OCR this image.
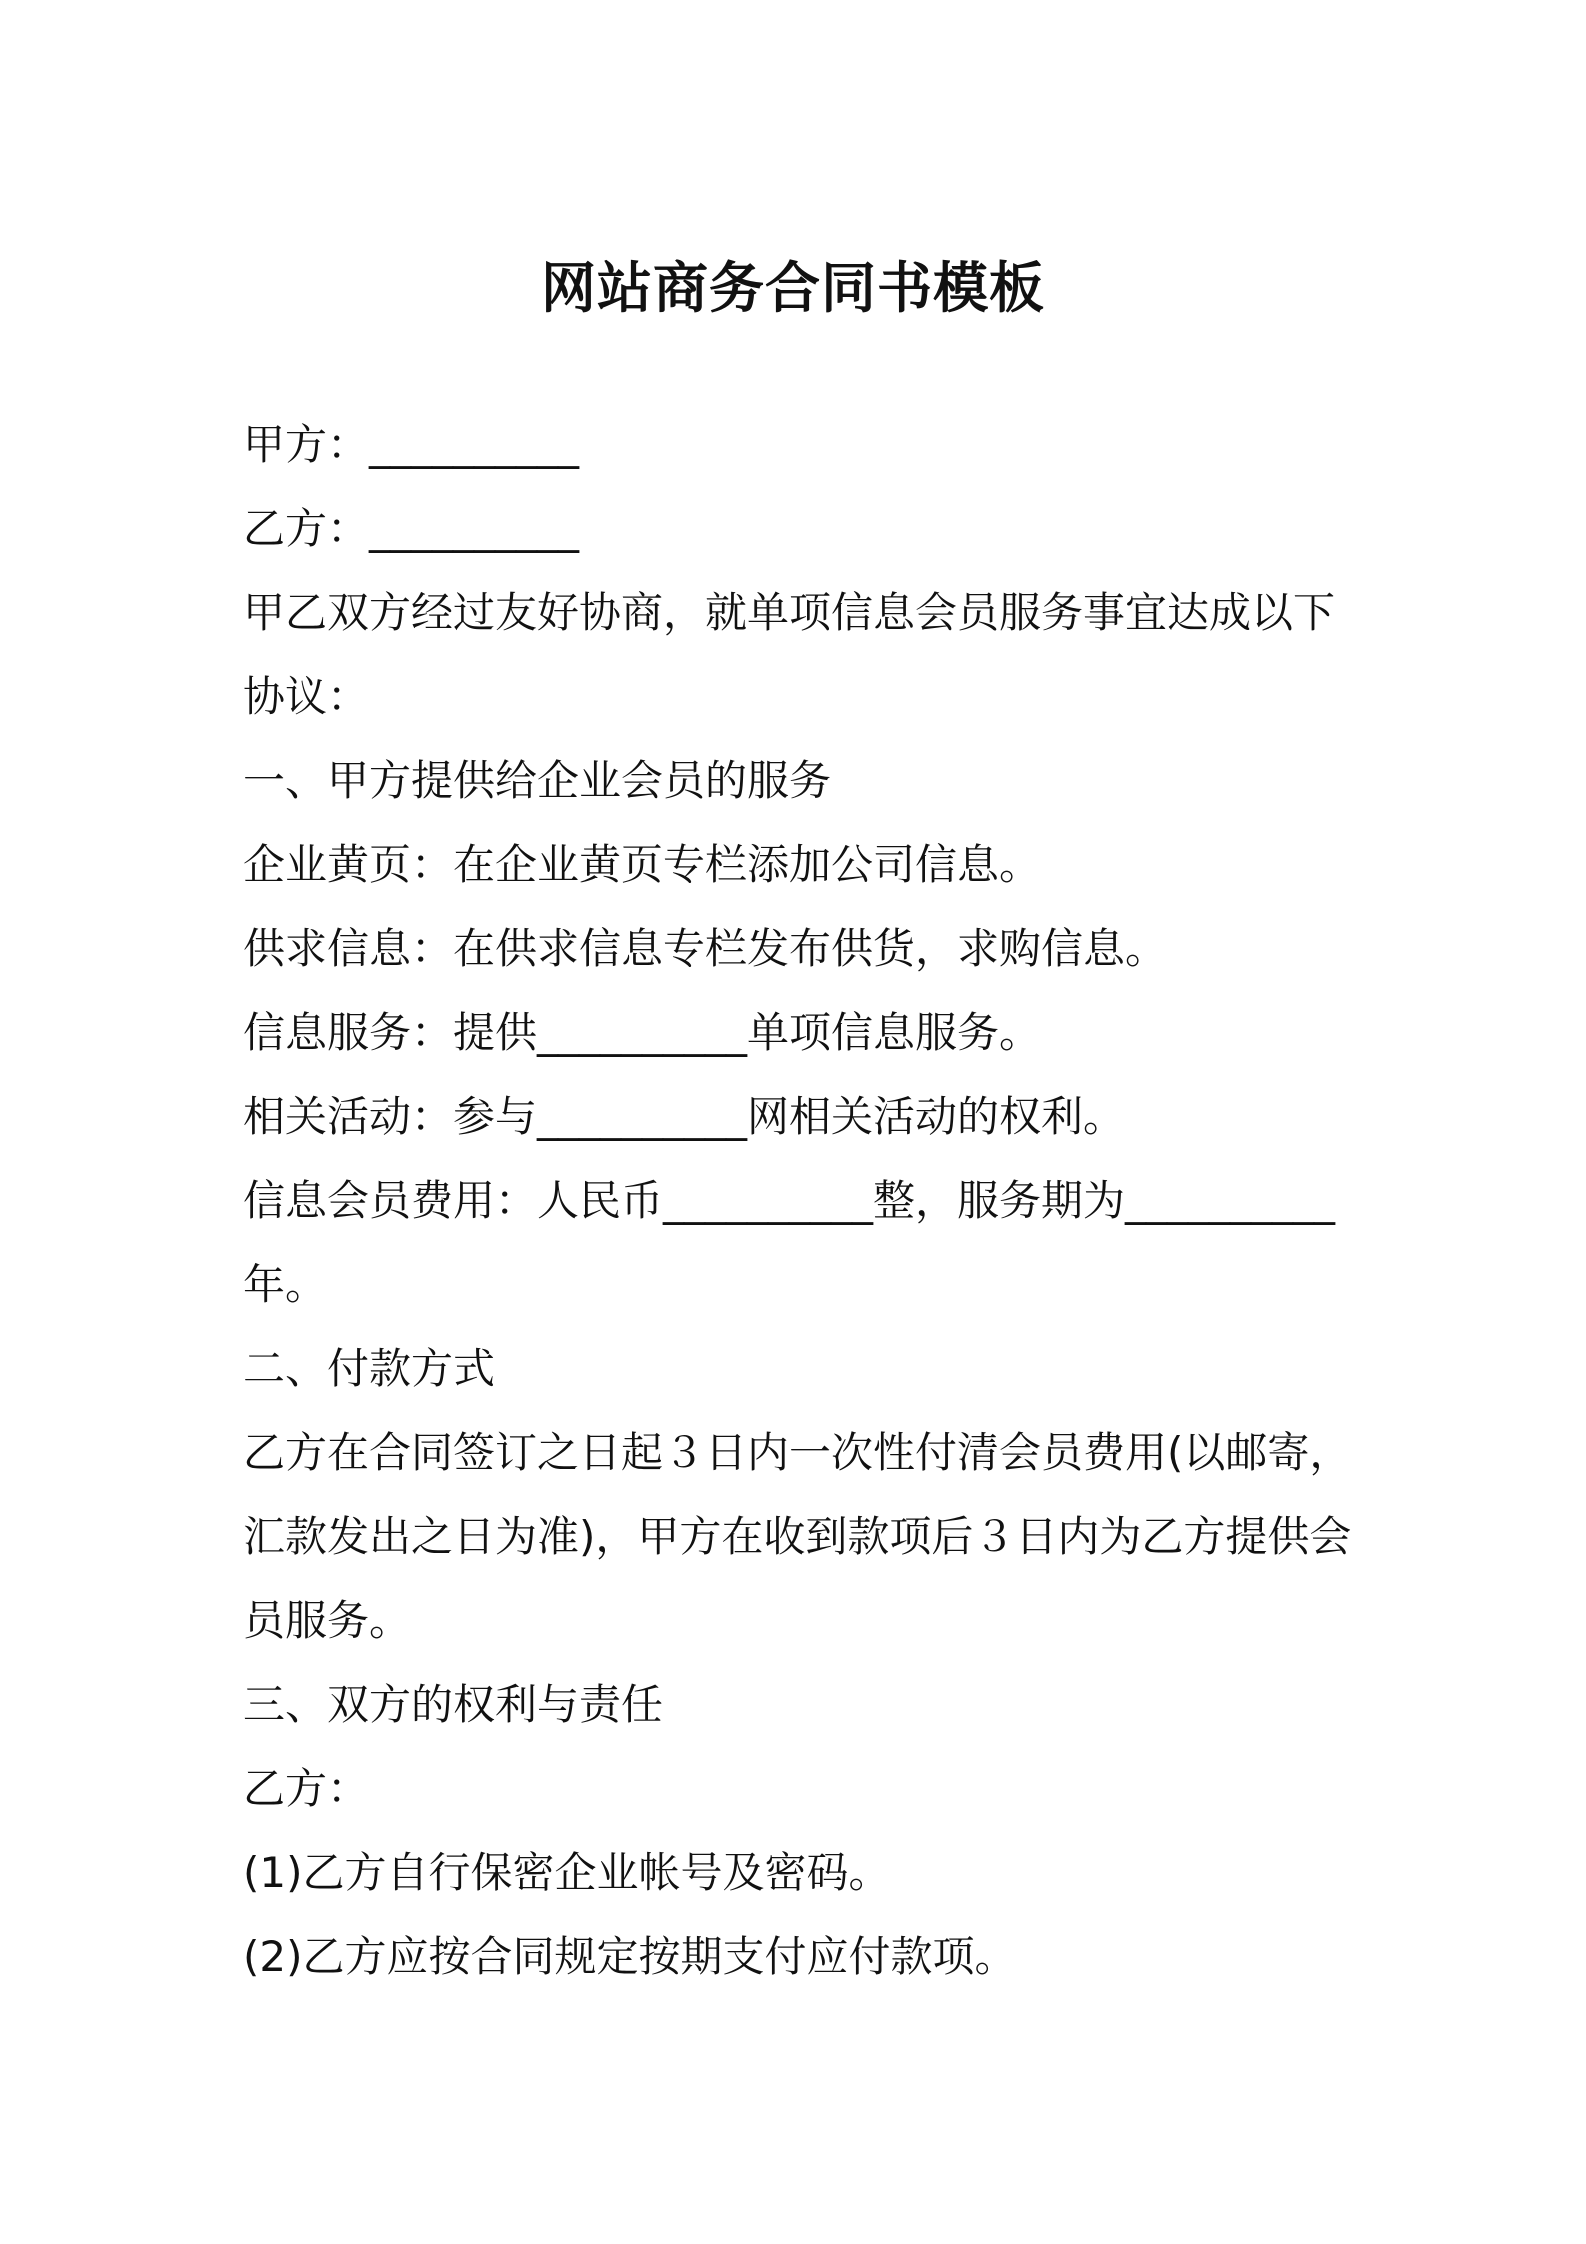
网站商务合同书模板

甲方：__________

乙方：__________

甲乙双方经过友好协商，就单项信息会员服务事宜达成以下

协议：

一、甲方提供给企业会员的服务

企业黄页：在企业黄页专栏添加公司信息。

供求信息：在供求信息专栏发布供货，求购信息。

信息服务：提供__________单项信息服务。

相关活动：参与__________网相关活动的权利。

信息会员费用：人民币__________整，服务期为__________

年。

二、付款方式

乙方在合同签订之日起３日内一次性付清会员费用(以邮寄，

汇款发出之日为准)，甲方在收到款项后３日内为乙方提供会

员服务。

三、双方的权利与责任

乙方：

(1)乙方自行保密企业帐号及密码。

(2)乙方应按合同规定按期支付应付款项。
